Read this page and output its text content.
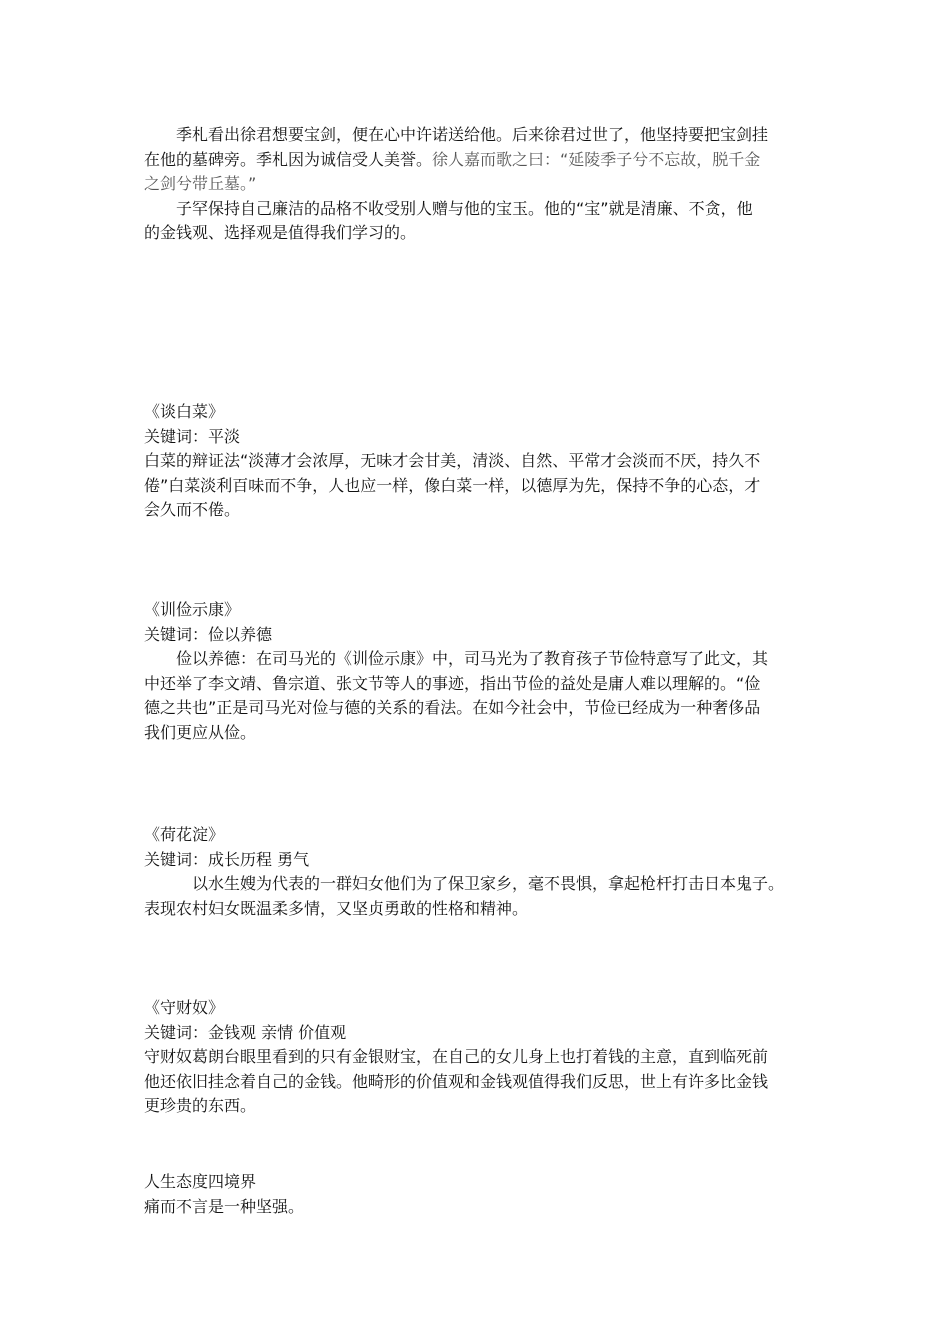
季札看出徐君想要宝剑，便在心中许诺送给他。后来徐君过世了，他坚持要把宝剑挂
在他的墓碑旁。季札因为诚信受人美誉。徐人嘉而歌之曰：“延陵季子兮不忘故，脱千金
之剑兮带丘墓。”
子罕保持自己廉洁的品格不收受别人赠与他的宝玉。他的“宝”就是清廉、不贪，他
的金钱观、选择观是值得我们学习的。
《谈白菜》
关键词：平淡
白菜的辩证法“淡薄才会浓厚，无味才会甘美，清淡、自然、平常才会淡而不厌，持久不
倦”白菜淡利百味而不争，人也应一样，像白菜一样，以德厚为先，保持不争的心态，才
会久而不倦。
《训俭示康》
关键词：俭以养德
俭以养德：在司马光的《训俭示康》中，司马光为了教育孩子节俭特意写了此文，其
中还举了李文靖、鲁宗道、张文节等人的事迹，指出节俭的益处是庸人难以理解的。“俭
德之共也”正是司马光对俭与德的关系的看法。在如今社会中，节俭已经成为一种奢侈品
我们更应从俭。
《荷花淀》
关键词：成长历程 勇气
以水生嫂为代表的一群妇女他们为了保卫家乡，毫不畏惧，拿起枪杆打击日本鬼子。
表现农村妇女既温柔多情，又坚贞勇敢的性格和精神。
《守财奴》
关键词：金钱观 亲情 价值观
守财奴葛朗台眼里看到的只有金银财宝，在自己的女儿身上也打着钱的主意，直到临死前
他还依旧挂念着自己的金钱。他畸形的价值观和金钱观值得我们反思，世上有许多比金钱
更珍贵的东西。
人生态度四境界
痛而不言是一种坚强。
